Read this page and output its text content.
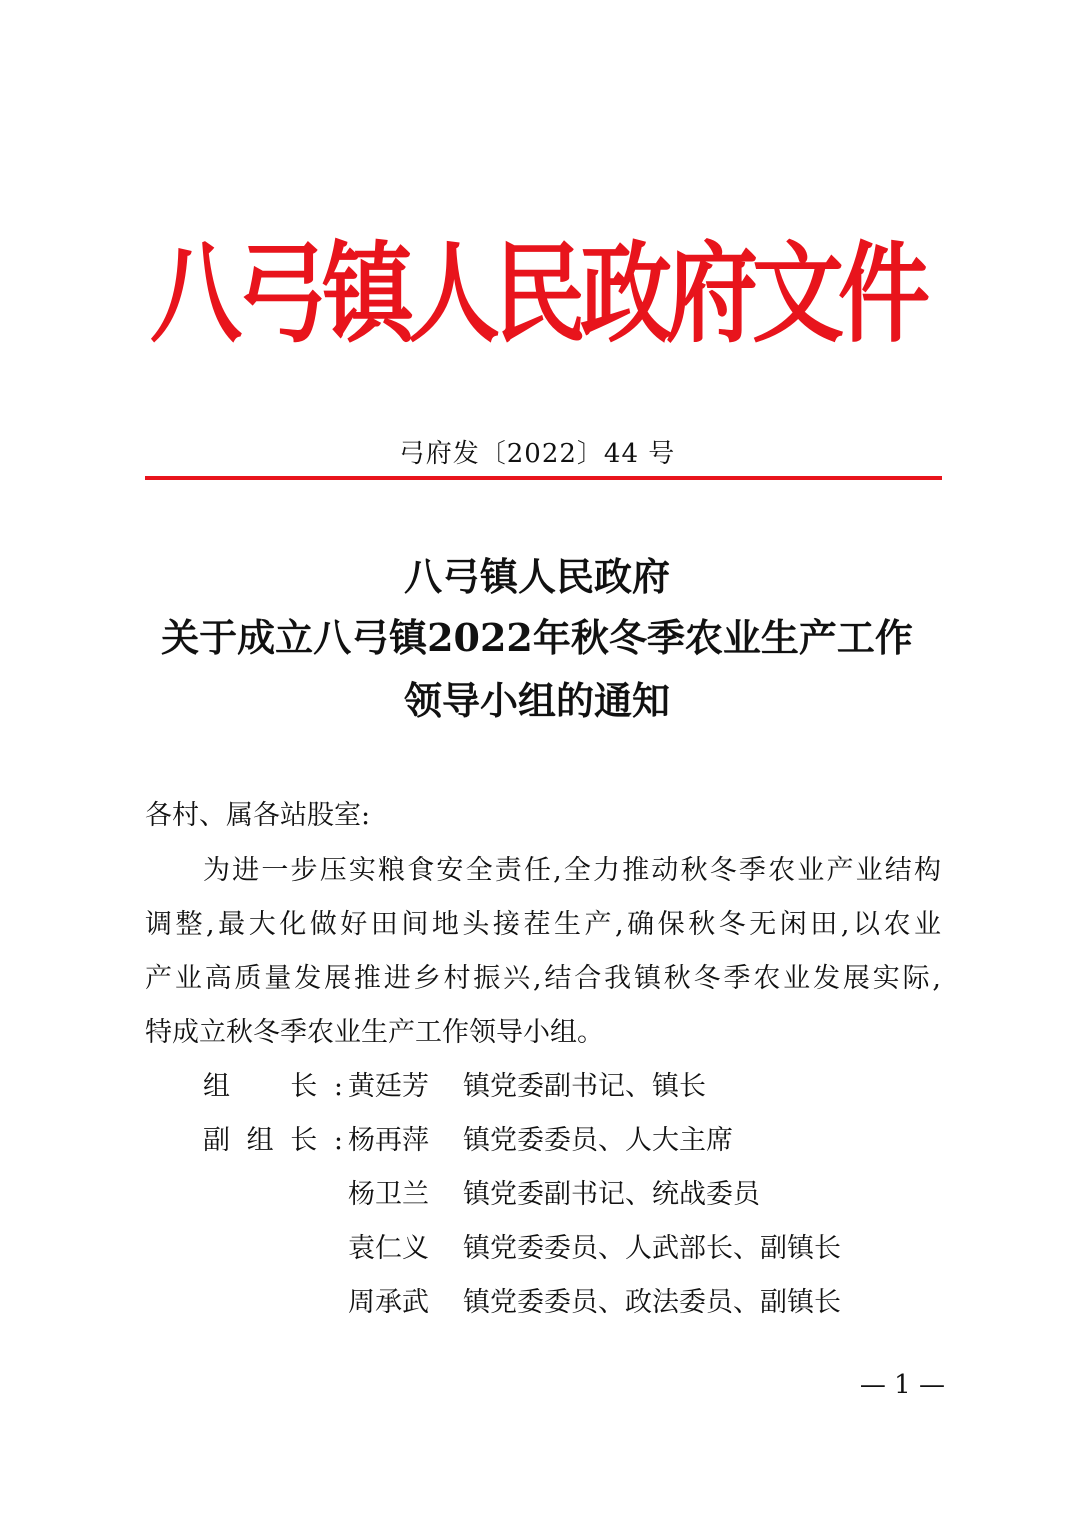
八弓镇人民政府文件
弓府发〔2022〕44 号
八弓镇人民政府
关于成立八弓镇2022年秋冬季农业生产工作
领导小组的通知
各村、属各站股室:
为进一步压实粮食安全责任,全力推动秋冬季农业产业结构
调整,最大化做好田间地头接茬生产,确保秋冬无闲田,以农业
产业高质量发展推进乡村振兴,结合我镇秋冬季农业发展实际,
特成立秋冬季农业生产工作领导小组。
组　长: 黄廷芳 镇党委副书记、镇长
副组长: 杨再萍 镇党委委员、人大主席
杨卫兰 镇党委副书记、统战委员
袁仁义 镇党委委员、人武部长、副镇长
周承武 镇党委委员、政法委员、副镇长
— 1 —
